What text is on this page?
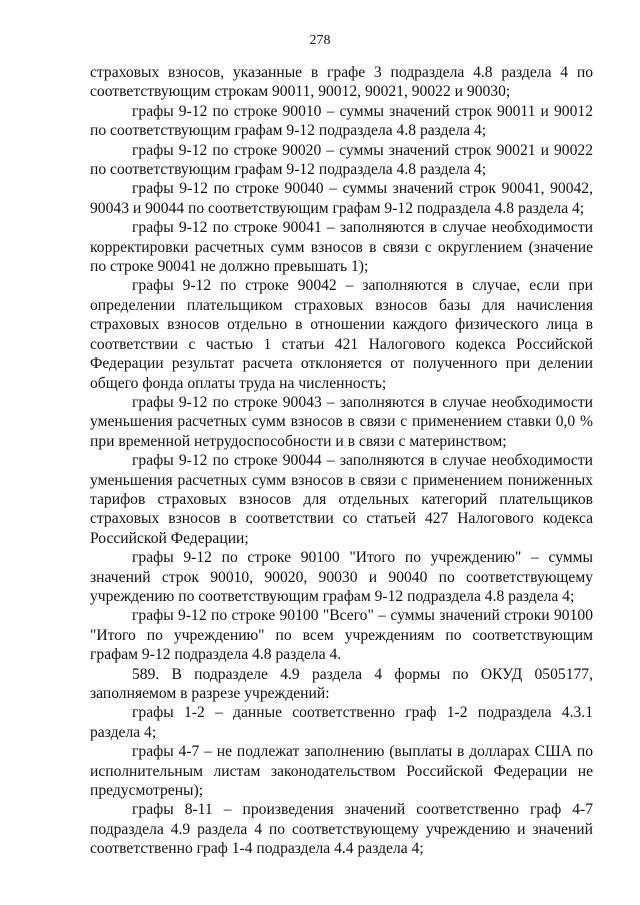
278

страховых взносов, указанные в графе 3 подраздела 4.8 раздела 4 по соответствующим строкам 90011, 90012, 90021, 90022 и 90030;

графы 9-12 по строке 90010 – суммы значений строк 90011 и 90012 по соответствующим графам 9-12 подраздела 4.8 раздела 4;

графы 9-12 по строке 90020 – суммы значений строк 90021 и 90022 по соответствующим графам 9-12 подраздела 4.8 раздела 4;

графы 9-12 по строке 90040 – суммы значений строк 90041, 90042, 90043 и 90044 по соответствующим графам 9-12 подраздела 4.8 раздела 4;

графы 9-12 по строке 90041 – заполняются в случае необходимости корректировки расчетных сумм взносов в связи с округлением (значение по строке 90041 не должно превышать 1);

графы 9-12 по строке 90042 – заполняются в случае, если при определении плательщиком страховых взносов базы для начисления страховых взносов отдельно в отношении каждого физического лица в соответствии с частью 1 статьи 421 Налогового кодекса Российской Федерации результат расчета отклоняется от полученного при делении общего фонда оплаты труда на численность;

графы 9-12 по строке 90043 – заполняются в случае необходимости уменьшения расчетных сумм взносов в связи с применением ставки 0,0 % при временной нетрудоспособности и в связи с материнством;

графы 9-12 по строке 90044 – заполняются в случае необходимости уменьшения расчетных сумм взносов в связи с применением пониженных тарифов страховых взносов для отдельных категорий плательщиков страховых взносов в соответствии со статьей 427 Налогового кодекса Российской Федерации;

графы 9-12 по строке 90100 "Итого по учреждению" – суммы значений строк 90010, 90020, 90030 и 90040 по соответствующему учреждению по соответствующим графам 9-12 подраздела 4.8 раздела 4;

графы 9-12 по строке 90100 "Всего" – суммы значений строки 90100 "Итого по учреждению" по всем учреждениям по соответствующим графам 9-12 подраздела 4.8 раздела 4.

589. В подразделе 4.9 раздела 4 формы по ОКУД 0505177, заполняемом в разрезе учреждений:

графы 1-2 – данные соответственно граф 1-2 подраздела 4.3.1 раздела 4;

графы 4-7 – не подлежат заполнению (выплаты в долларах США по исполнительным листам законодательством Российской Федерации не предусмотрены);

графы 8-11 – произведения значений соответственно граф 4-7 подраздела 4.9 раздела 4 по соответствующему учреждению и значений соответственно граф 1-4 подраздела 4.4 раздела 4;
